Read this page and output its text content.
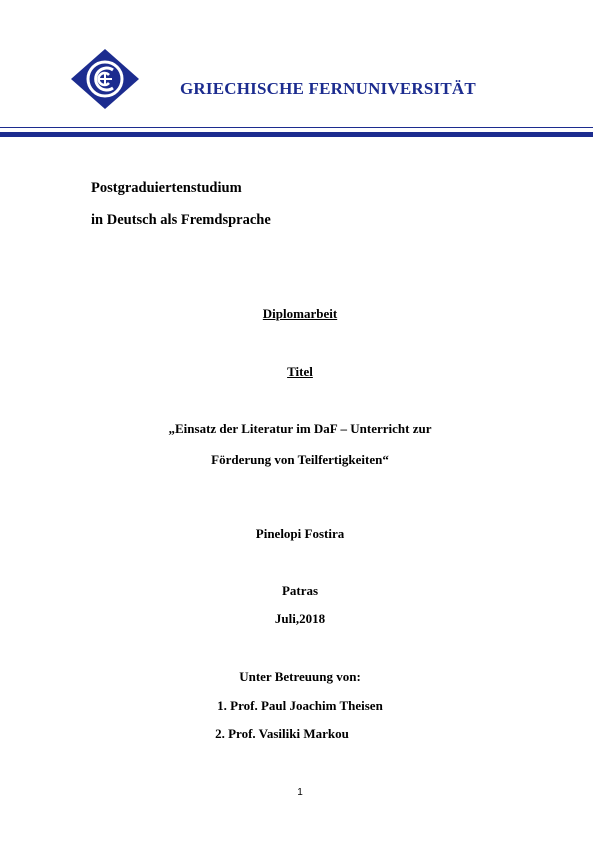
GRIECHISCHE FERNUNIVERSITÄT
Postgraduiertenstudium
in Deutsch als Fremdsprache
Diplomarbeit
Titel
„Einsatz der Literatur im DaF – Unterricht zur
Förderung von Teilfertigkeiten“
Pinelopi Fostira
Patras
Juli,2018
Unter Betreuung von:
1. Prof. Paul Joachim Theisen
2. Prof. Vasiliki Markou
1
